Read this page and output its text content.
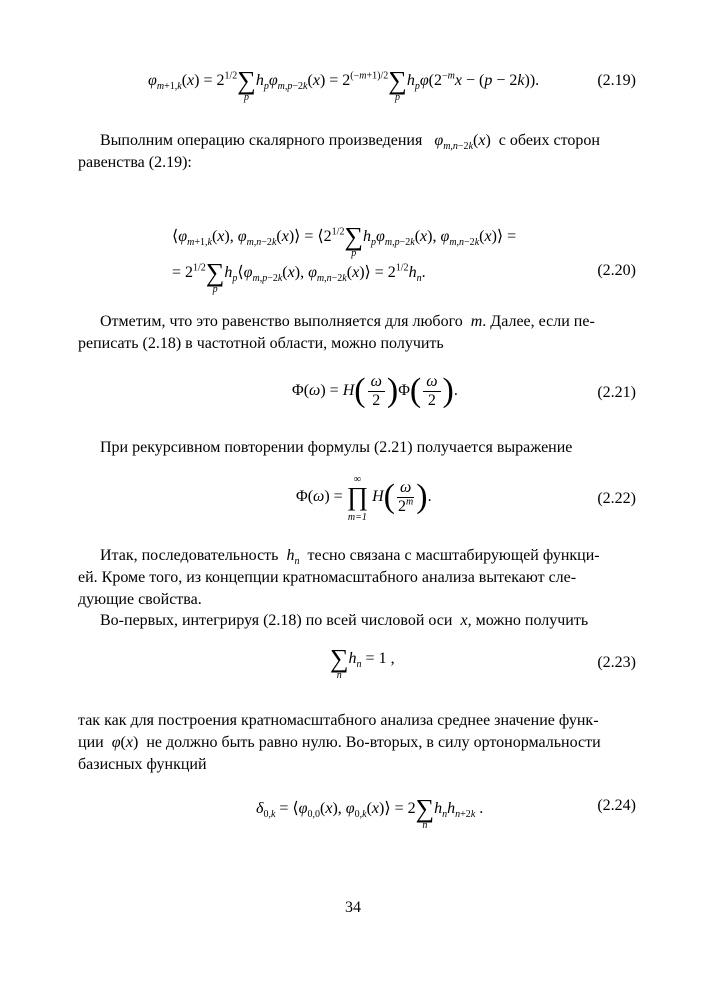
$\varphi_{m+1,k}(x) = 2^{1/2}\sum$
p
$h_p\varphi_{m,p-2k}(x) = 2^{(-m+1)/2}\sum$
p
$h_p\varphi(2^{-m}x - (p - 2k))$.	(2.19)
Выполним операцию скалярного произведения $\varphi_{m,n-2k}(x)$  с обеих сторон
равенства (2.19):
$⟨\varphi_{m+1,k}(x)$, $\varphi_{m,n-2k}(x)⟩$ = $⟨2^{1/2}\sum$
p
$h_p\varphi_{m,p-2k}(x)$, $\varphi_{m,n-2k}(x)⟩$ =
= $2^{1/2}\sum$
p
$h_p⟨\varphi_{m,p-2k}(x)$, $\varphi_{m,n-2k}(x)⟩ = 2^{1/2}h_n$.	(2.20)
Отметим, что это равенство выполняется для любого m. Далее, если пе-
реписать (2.18) в частотной области, можно получить
$\Phi(\omega) = H( \frac{\omega}{2} )\Phi( \frac{\omega}{2}$ ).	(2.21)
При рекурсивном повторении формулы (2.21) получается выражение
Φ(ω) = ∏
m=1
∞
$H( \frac{\omega}{2^m}$ ).	(2.22)
Итак, последовательность $h_n$ тесно связана с масштабирующей функци-
ей. Кроме того, из концепции кратномасштабного анализа вытекают сле-
дующие свойства.
Во-первых, интегрируя (2.18) по всей числовой оси x, можно получить
∑
n
$h_n = 1$ ,	(2.23)
так как для построения кратномасштабного анализа среднее значение функ-
ции φ(x)  не должно быть равно нулю. Во-вторых, в силу ортонормальности
базисных функций
$\delta_{0,k}$ = $⟨\varphi_{0,0}(x)$, $\varphi_{0,k}(x)⟩ = 2\sum$
n
$h_nh_{n+2k}$ .	(2.24)
34
